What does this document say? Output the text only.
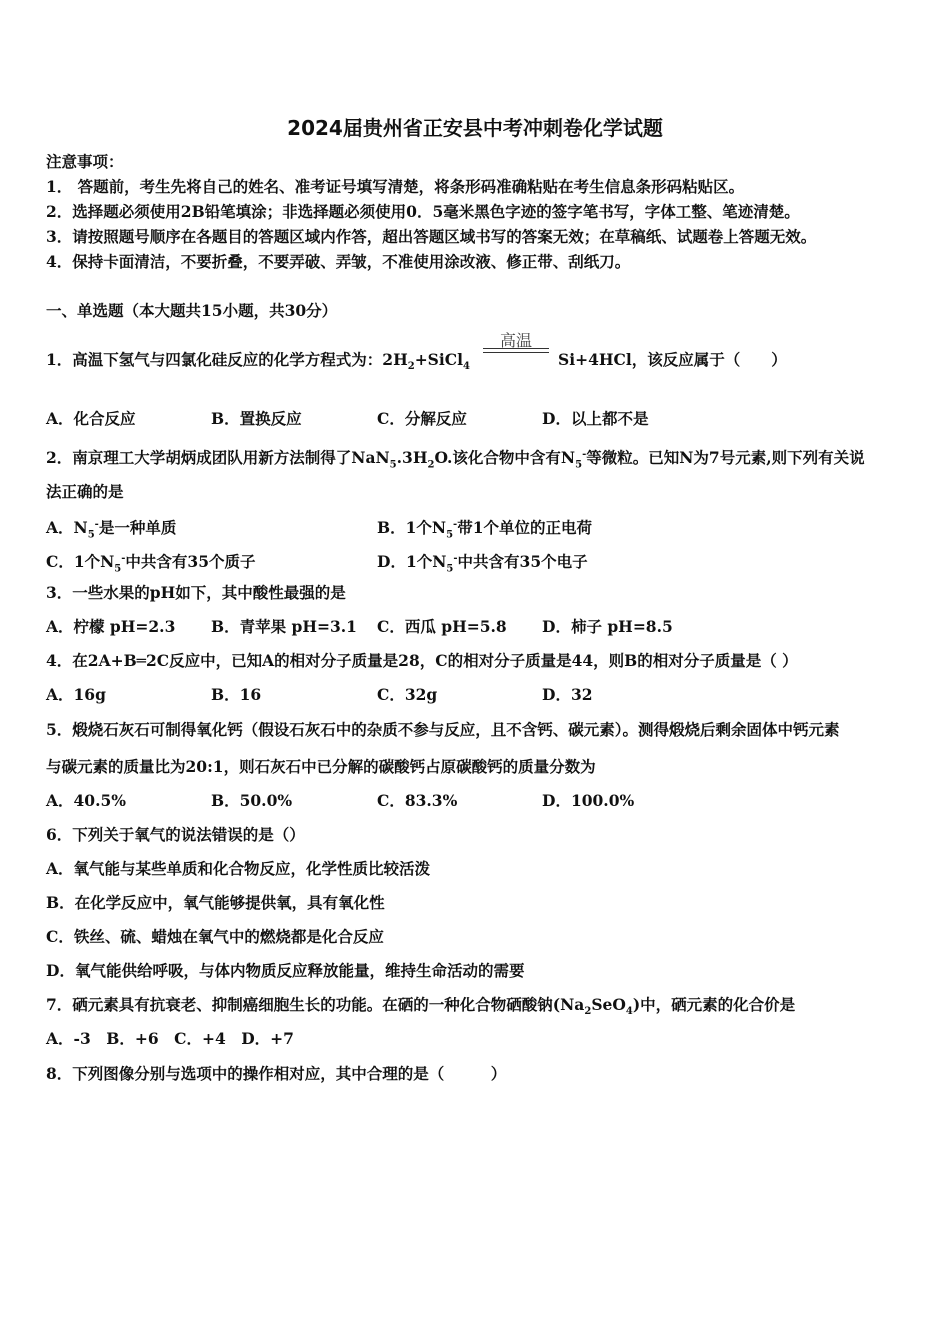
2024届贵州省正安县中考冲刺卷化学试题
注意事项：
1． 答题前，考生先将自己的姓名、准考证号填写清楚，将条形码准确粘贴在考生信息条形码粘贴区。
2．选择题必须使用2B铅笔填涂；非选择题必须使用0．5毫米黑色字迹的签字笔书写，字体工整、笔迹清楚。
3．请按照题号顺序在各题目的答题区域内作答，超出答题区域书写的答案无效；在草稿纸、试题卷上答题无效。
4．保持卡面清洁，不要折叠，不要弄破、弄皱，不准使用涂改液、修正带、刮纸刀。
一、单选题（本大题共15小题，共30分）
1．高温下氢气与四氯化硅反应的化学方程式为：$2H_2+SiCl_4$
高温
Si+4HCl，该反应属于（　　）
A．化合反应	B．置换反应	C．分解反应	D．以上都不是
2．南京理工大学胡炳成团队用新方法制得了$NaN_5.3H_2O$.该化合物中含有$N_5^-$等微粒。已知N为7号元素,则下列有关说
法正确的是
A．$N_5^-$是一种单质	B．1个$N_5^-$带1个单位的正电荷
C．1个$N_5^-$中共含有35个质子	D．1个$N_5^-$中共含有35个电子
3．一些水果的pH如下，其中酸性最强的是
A．柠檬 pH=2.3 B．青苹果 pH=3.1 C．西瓜 pH=5.8 D．柿子 pH=8.5
4．在2A+B═2C反应中，已知A的相对分子质量是28，C的相对分子质量是44，则B的相对分子质量是（ ）
A．16g	B．16	C．32g	D．32
5．煅烧石灰石可制得氧化钙（假设石灰石中的杂质不参与反应，且不含钙、碳元素）。测得煅烧后剩余固体中钙元素
与碳元素的质量比为20:1，则石灰石中已分解的碳酸钙占原碳酸钙的质量分数为
A．40.5%	B．50.0%	C．83.3%	D．100.0%
6．下列关于氧气的说法错误的是（）
A．氧气能与某些单质和化合物反应，化学性质比较活泼
B．在化学反应中，氧气能够提供氧，具有氧化性
C．铁丝、硫、蜡烛在氧气中的燃烧都是化合反应
D．氧气能供给呼吸，与体内物质反应释放能量，维持生命活动的需要
7．硒元素具有抗衰老、抑制癌细胞生长的功能。在硒的一种化合物硒酸钠$(Na_2SeO_4)$中，硒元素的化合价是
A．-3　B．+6　C．+4　D．+7
8．下列图像分别与选项中的操作相对应，其中合理的是（　　　）
